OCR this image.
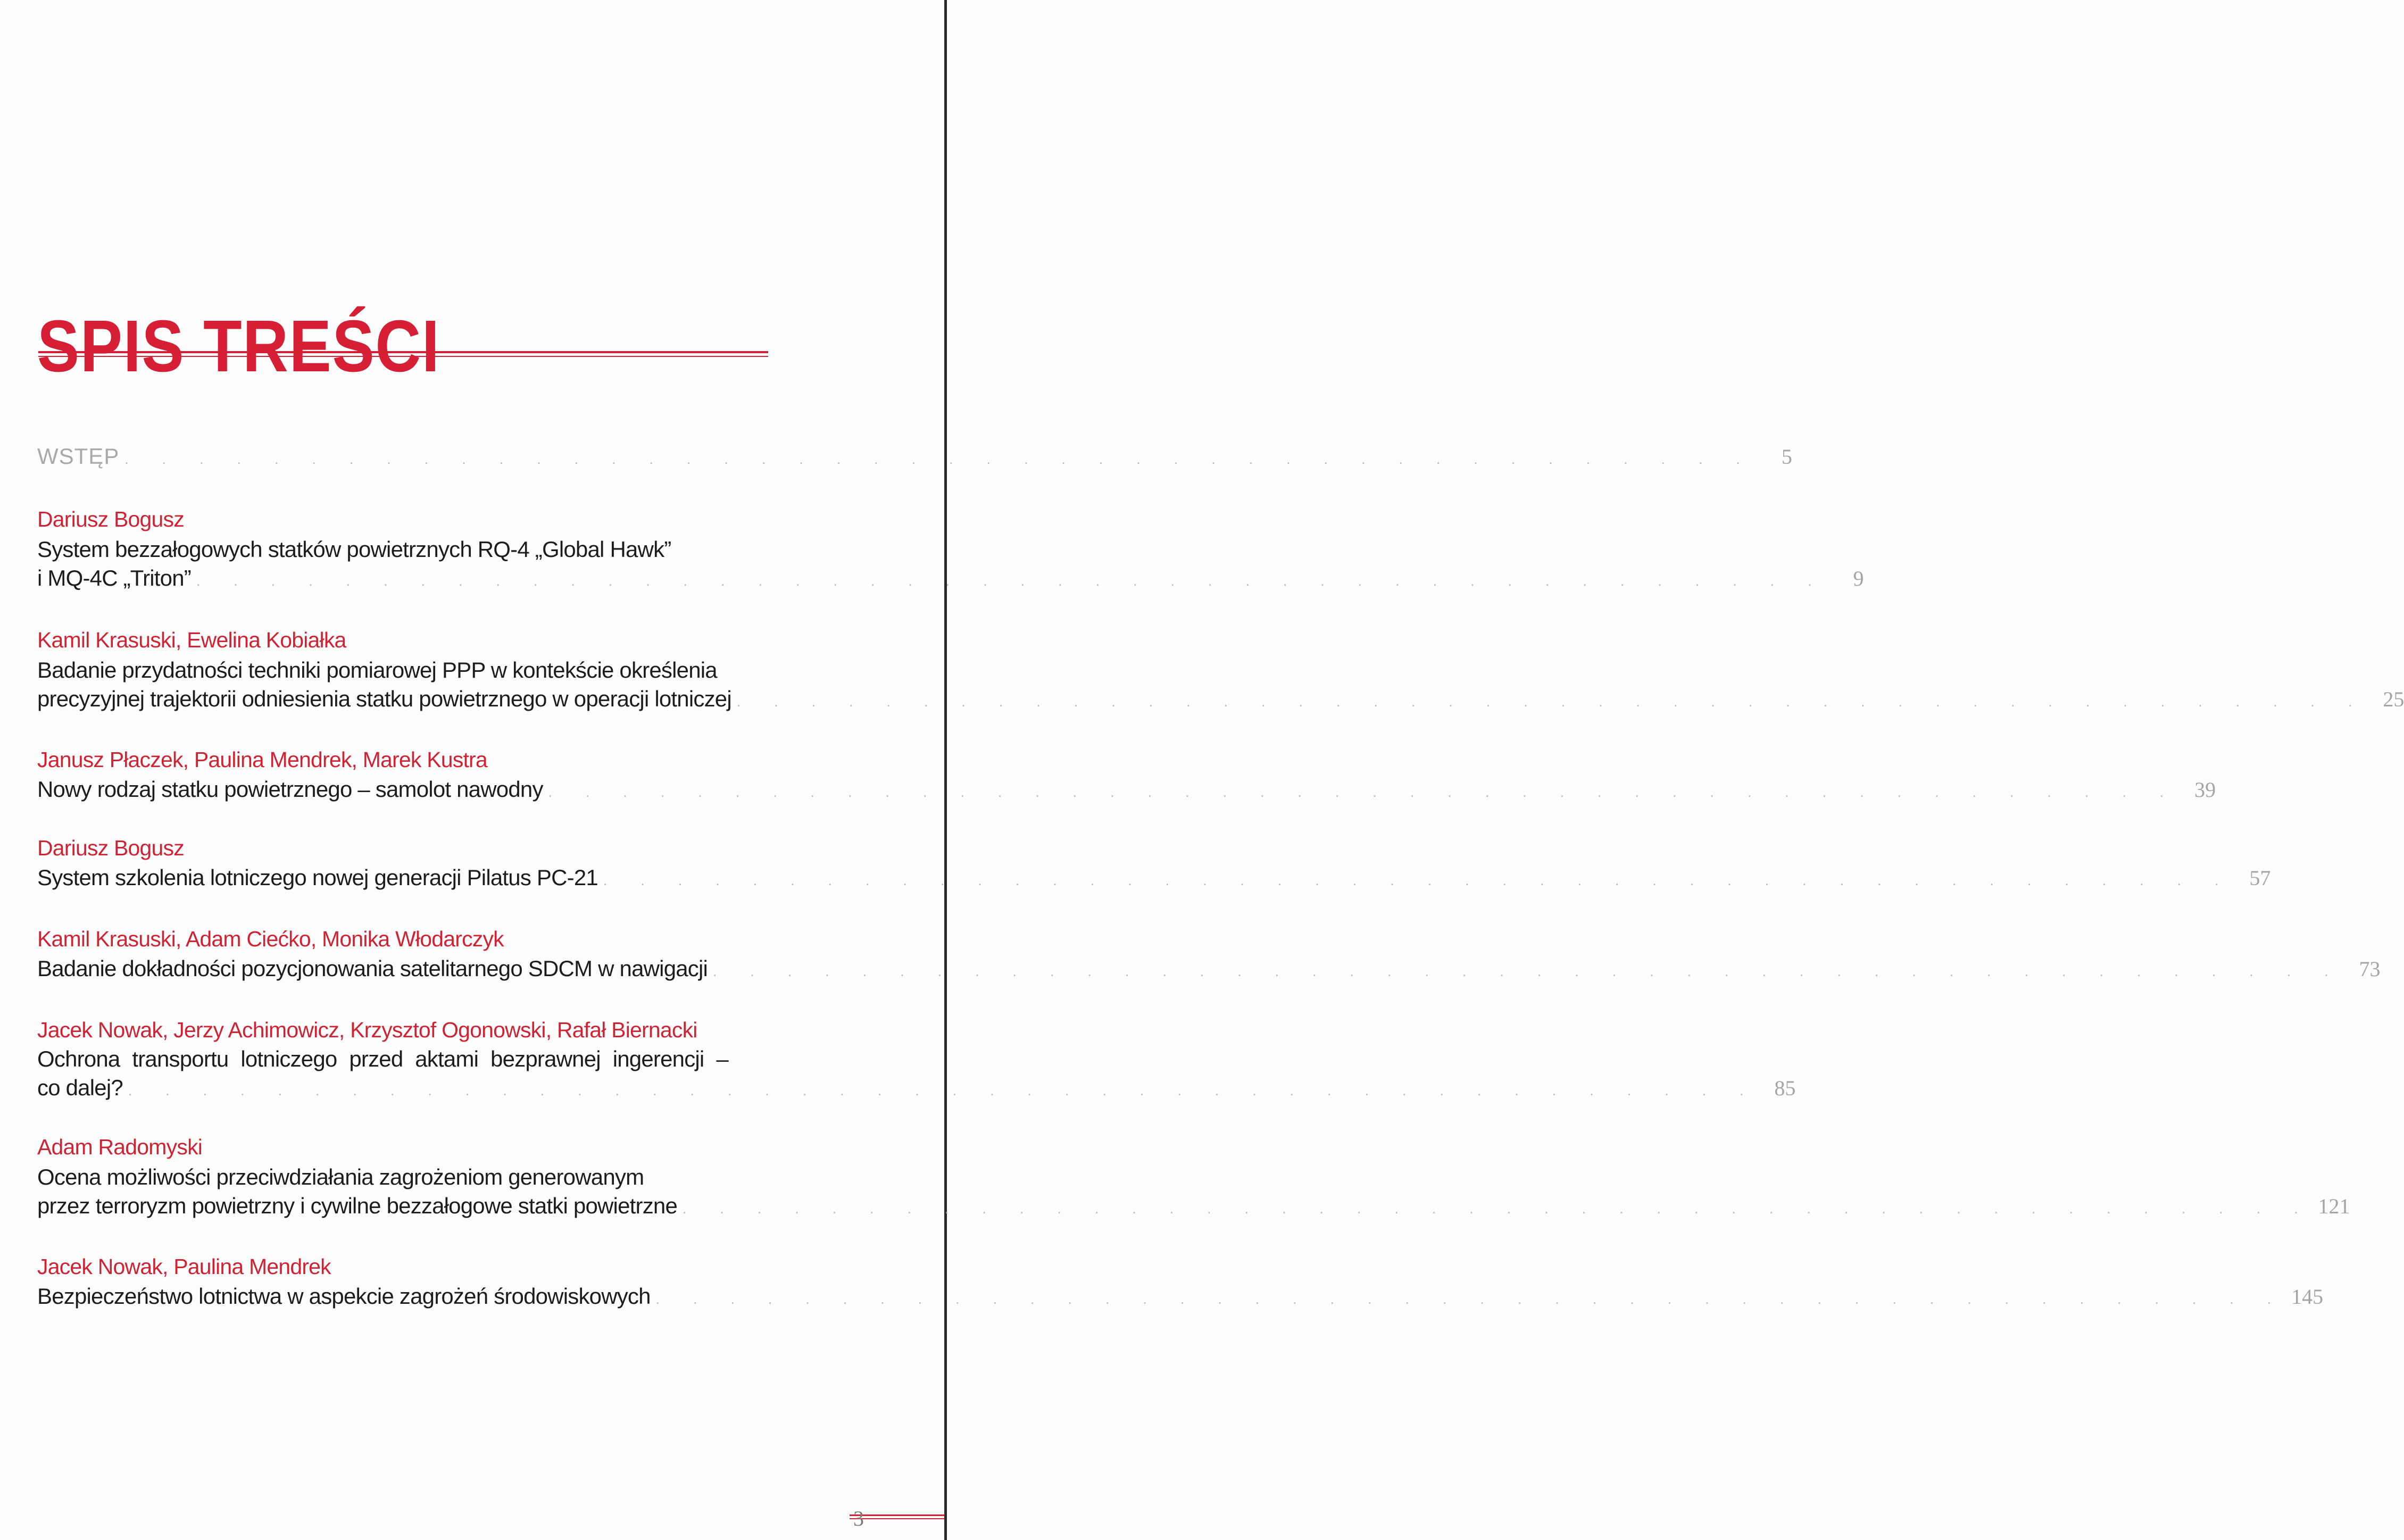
SPIS TREŚCI
WSTĘP . . . . . . . . . . . . . . . . . . . . . . . . . . . . . . . . . . . . . . . . . . . .	5
Dariusz Bogusz
System bezzałogowych statków powietrznych RQ-4 „Global Hawk”
i MQ-4C „Triton” . . . . . . . . . . . . . . . . . . . . . . . . . . . . . . . . . . . . . . . . . . . .	9
Kamil Krasuski, Ewelina Kobiałka
Badanie przydatności techniki pomiarowej PPP w kontekście określenia
precyzyjnej trajektorii odniesienia statku powietrznego w operacji lotniczej . . . . . . . . . . . . . . . . . . . . . . . . . . . . . . . . . . . . . . . . . . . . 25
Janusz Płaczek, Paulina Mendrek, Marek Kustra
Nowy rodzaj statku powietrznego – samolot nawodny . . . . . . . . . . . . . . . . . . . . . . . . . . . . . . . . . . . . . . . . . . . . 39
Dariusz Bogusz
System szkolenia lotniczego nowej generacji Pilatus PC-21 . . . . . . . . . . . . . . . . . . . . . . . . . . . . . . . . . . . . . . . . . . . . 57
Kamil Krasuski, Adam Ciećko, Monika Włodarczyk
Badanie dokładności pozycjonowania satelitarnego SDCM w nawigacji . . . . . . . . . . . . . . . . . . . . . . . . . . . . . . . . . . . . . . . . . . . . 73
Jacek Nowak, Jerzy Achimowicz, Krzysztof Ogonowski, Rafał Biernacki
Ochrona transportu lotniczego przed aktami bezprawnej ingerencji –
co dalej? . . . . . . . . . . . . . . . . . . . . . . . . . . . . . . . . . . . . . . . . . . . . 85
Adam Radomyski
Ocena możliwości przeciwdziałania zagrożeniom generowanym
przez terroryzm powietrzny i cywilne bezzałogowe statki powietrzne . . . . . . . . . . . . . . . . . . . . . . . . . . . . . . . . . . . . . . . . . . . . 121
Jacek Nowak, Paulina Mendrek
Bezpieczeństwo lotnictwa w aspekcie zagrożeń środowiskowych . . . . . . . . . . . . . . . . . . . . . . . . . . . . . . . . . . . . . . . . . . . . 145
3
